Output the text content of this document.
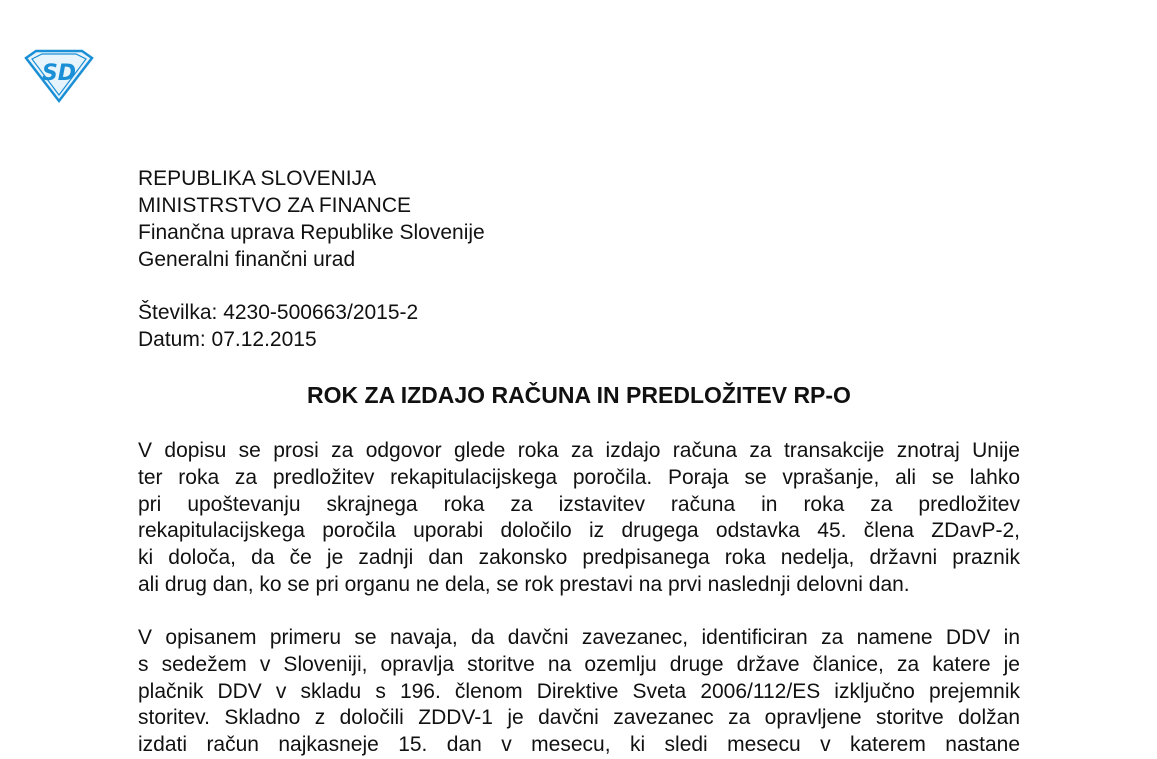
SD
REPUBLIKA SLOVENIJA
MINISTRSTVO ZA FINANCE
Finančna uprava Republike Slovenije
Generalni finančni urad
Številka: 4230-500663/2015-2
Datum: 07.12.2015
ROK ZA IZDAJO RAČUNA IN PREDLOŽITEV RP-O
V dopisu se prosi za odgovor glede roka za izdajo računa za transakcije znotraj Unije
ter roka za predložitev rekapitulacijskega poročila. Poraja se vprašanje, ali se lahko
pri upoštevanju skrajnega roka za izstavitev računa in roka za predložitev
rekapitulacijskega poročila uporabi določilo iz drugega odstavka 45. člena ZDavP-2,
ki določa, da če je zadnji dan zakonsko predpisanega roka nedelja, državni praznik
ali drug dan, ko se pri organu ne dela, se rok prestavi na prvi naslednji delovni dan.
V opisanem primeru se navaja, da davčni zavezanec, identificiran za namene DDV in
s sedežem v Sloveniji, opravlja storitve na ozemlju druge države članice, za katere je
plačnik DDV v skladu s 196. členom Direktive Sveta 2006/112/ES izključno prejemnik
storitev. Skladno z določili ZDDV-1 je davčni zavezanec za opravljene storitve dolžan
izdati račun najkasneje 15. dan v mesecu, ki sledi mesecu v katerem nastane
